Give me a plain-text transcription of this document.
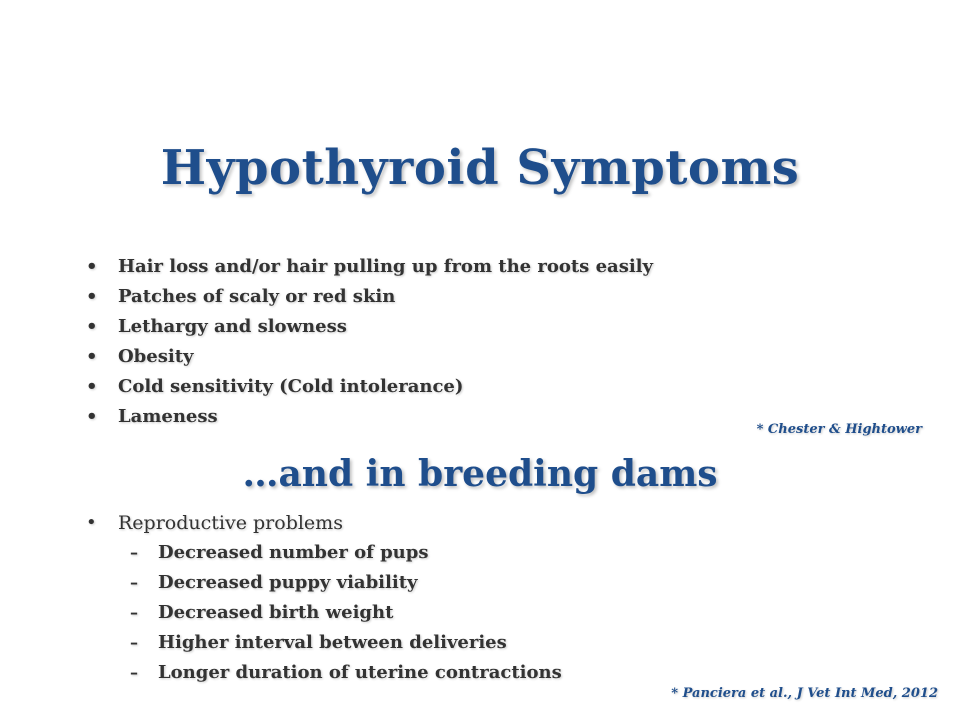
Hypothyroid Symptoms
• Hair loss and/or hair pulling up from the roots easily
• Patches of scaly or red skin
• Lethargy and slowness
• Obesity
• Cold sensitivity (Cold intolerance)
• Lameness
* Chester & Hightower
…and in breeding dams
• Reproductive problems
– Decreased number of pups
– Decreased puppy viability
– Decreased birth weight
– Higher interval between deliveries
– Longer duration of uterine contractions
* Panciera et al., J Vet Int Med, 2012
